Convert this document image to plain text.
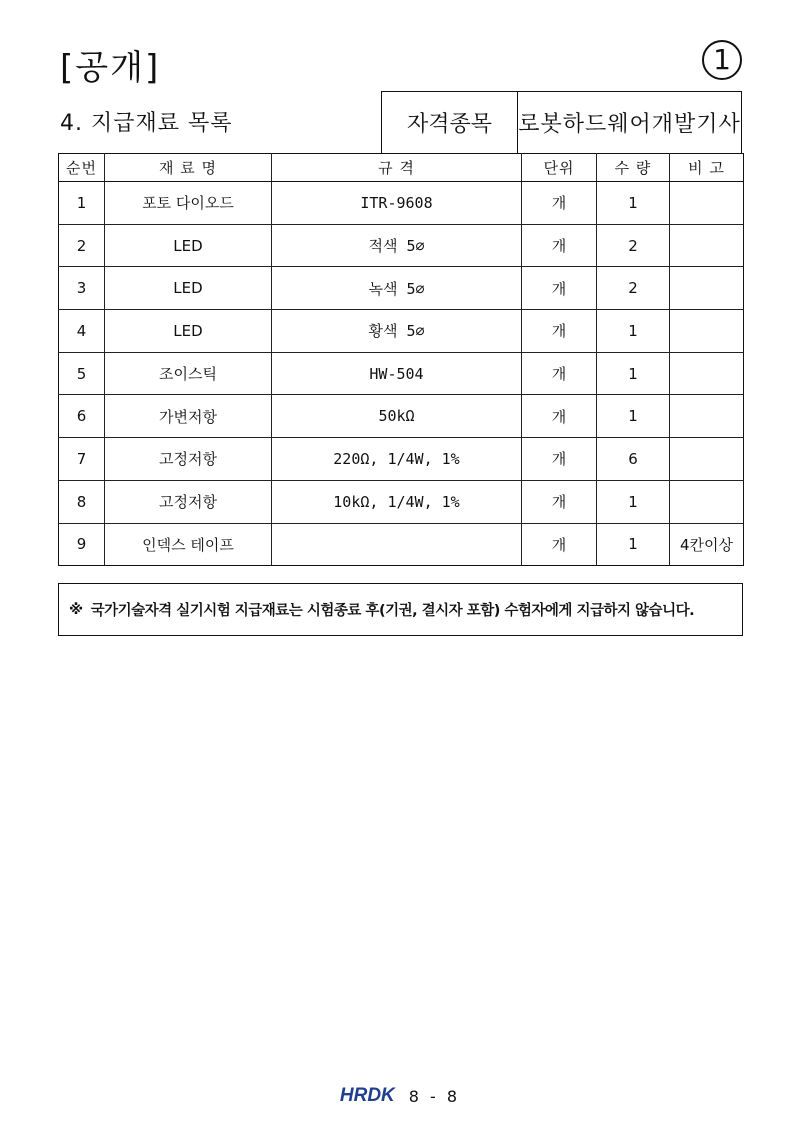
[공개]	1
4. 지급재료 목록	자격종목	로봇하드웨어개발기사
순번	재 료 명	규 격	단위	수 량	비 고
1	포토 다이오드	ITR-9608	개	1	
2	LED	적색 5∅	개	2	
3	LED	녹색 5∅	개	2	
4	LED	황색 5∅	개	1	
5	조이스틱	HW-504	개	1	
6	가변저항	50kΩ	개	1	
7	고정저항	220Ω, 1/4W, 1%	개	6	
8	고정저항	10kΩ, 1/4W, 1%	개	1	
9	인덱스 테이프		개	1	4칸이상
※ 국가기술자격 실기시험 지급재료는 시험종료 후(기권, 결시자 포함) 수험자에게 지급하지 않습니다.
HRDK 8 - 8
